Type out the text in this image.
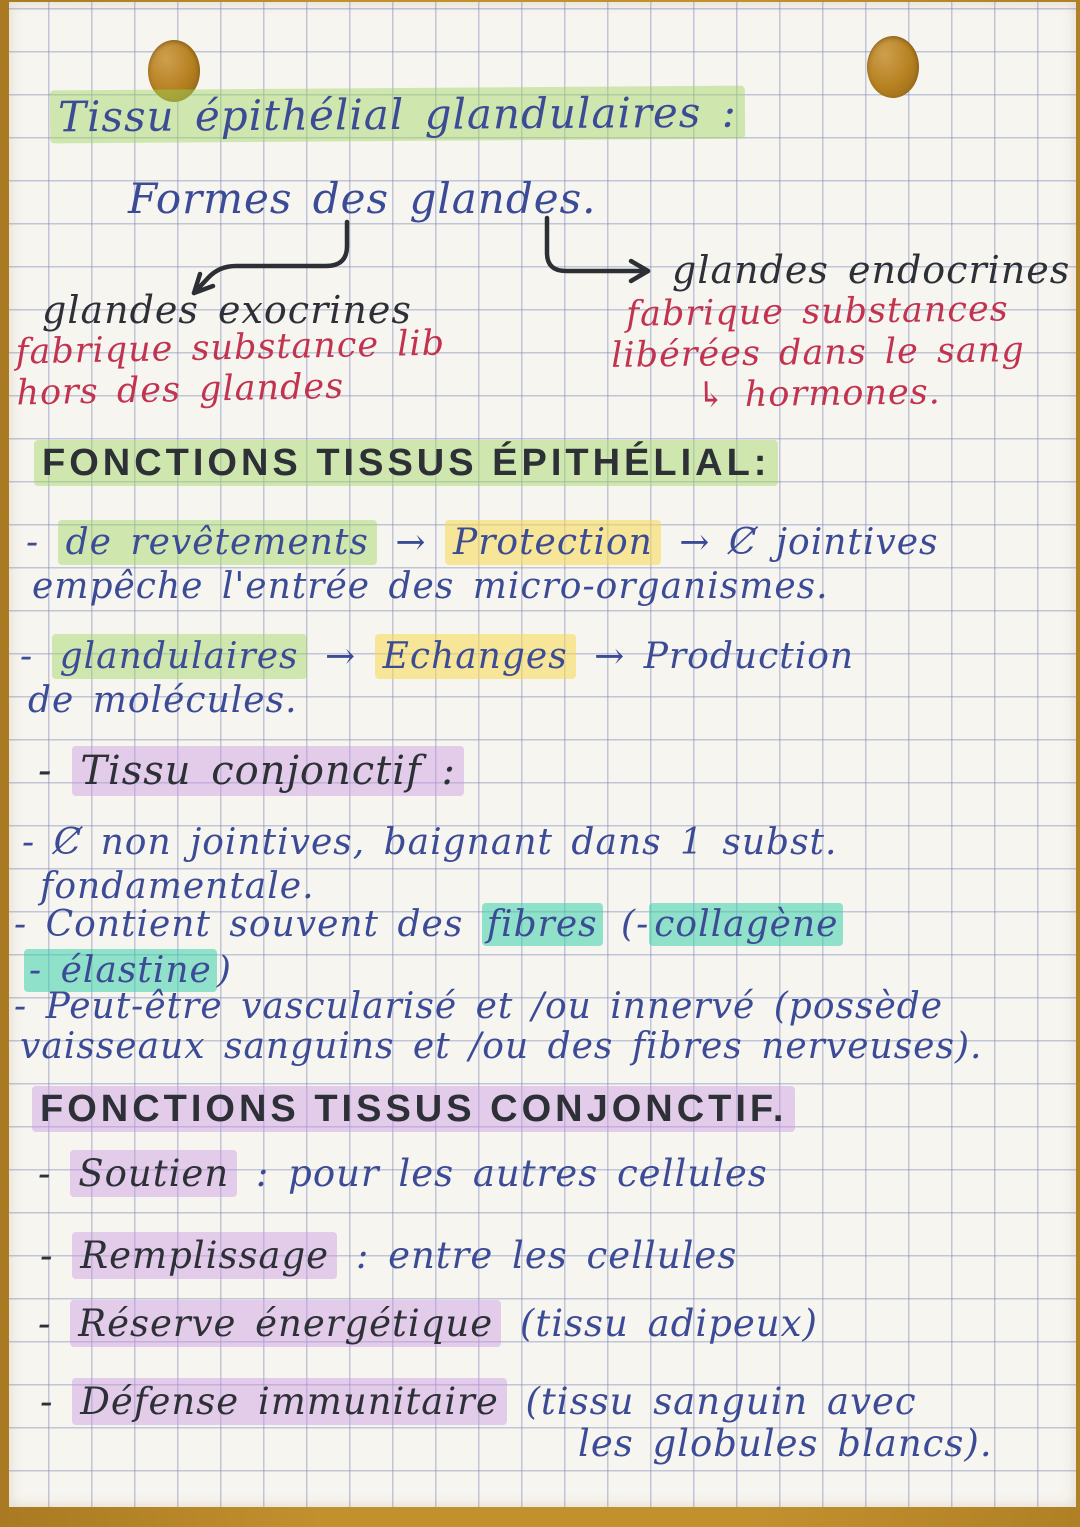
Tissu épithélial glandulaires :
Formes des glandes.
glandes exocrines
fabrique substance lib
hors des glandes
glandes endocrines
fabrique substances
libérées dans le sang
↳ hormones.
FONCTIONS TISSUS ÉPITHÉLIAL:
- de revêtements → Protection → Ȼ jointives
empêche l'entrée des micro-organismes.
- glandulaires → Echanges → Production
de molécules.
- Tissu conjonctif :
- Ȼ non jointives, baignant dans 1 subst.
fondamentale.
- Contient souvent des fibres (- collagène
- élastine )
- Peut-être vascularisé et /ou innervé (possède
vaisseaux sanguins et /ou des fibres nerveuses).
FONCTIONS TISSUS CONJONCTIF.
- Soutien : pour les autres cellules
- Remplissage : entre les cellules
- Réserve énergétique (tissu adipeux)
- Défense immunitaire (tissu sanguin avec
les globules blancs).
